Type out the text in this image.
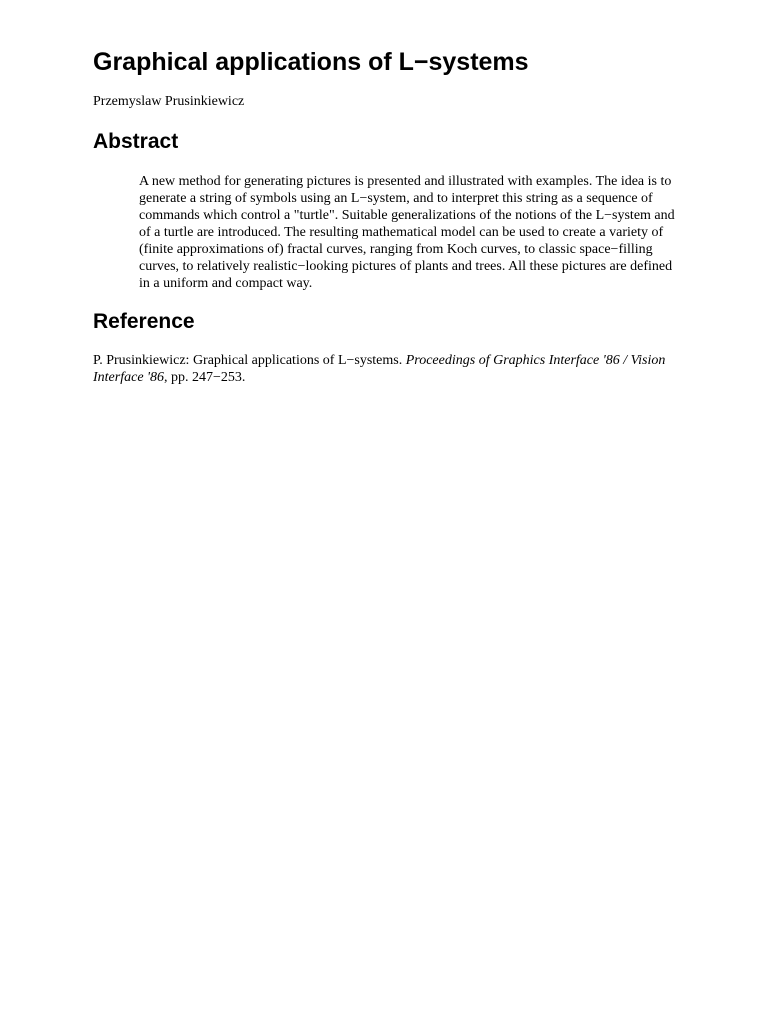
Graphical applications of L−systems

Przemyslaw Prusinkiewicz

Abstract

A new method for generating pictures is presented and illustrated with examples. The idea is to generate a string of symbols using an L−system, and to interpret this string as a sequence of commands which control a "turtle". Suitable generalizations of the notions of the L−system and of a turtle are introduced. The resulting mathematical model can be used to create a variety of (finite approximations of) fractal curves, ranging from Koch curves, to classic space−filling curves, to relatively realistic−looking pictures of plants and trees. All these pictures are defined in a uniform and compact way.

Reference

P. Prusinkiewicz: Graphical applications of L−systems. Proceedings of Graphics Interface '86 / Vision Interface '86, pp. 247−253.
